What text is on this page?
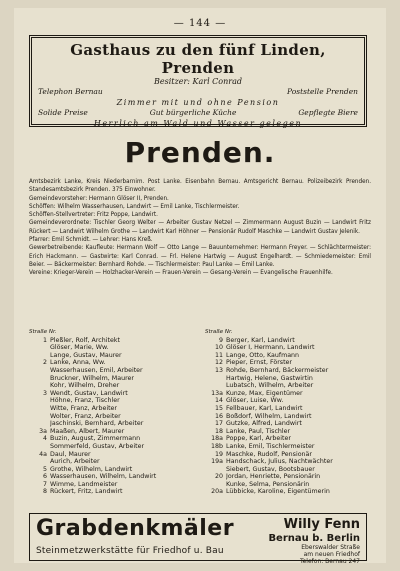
— 144 —
Gasthaus zu den fünf Linden, Prenden
Besitzer: Karl Conrad
Telephon Bernau	Poststelle Prenden
Zimmer mit und ohne Pension
Solide Preise	Gut bürgerliche Küche	Gepflegte Biere
Herrlich am Wald und Wasser gelegen
Prenden.

Amtsbezirk Lanke, Kreis Niederbarnim. Post Lanke. Eisenbahn Bernau. Amtsgericht Bernau. Polizeibezirk Prenden. Standesamtsbezirk Prenden. 375 Einwohner.

Gemeindevorsteher: Hermann Glöser II, Prenden.

Schöffen: Wilhelm Wasserhausen, Landwirt — Emil Lanke, Tischlermeister.

Schöffen-Stellvertreter: Fritz Poppe, Landwirt.

Gemeindeverordnete: Tischler Georg Welter — Arbeiter Gustav Netzel — Zimmermann August Buzin — Landwirt Fritz Rückert — Landwirt Wilhelm Grothe — Landwirt Karl Höhner — Pensionär Rudolf Maschke — Landwirt Gustav Jelenik.

Pfarrer: Emil Schmidt. — Lehrer: Hans Kreß.

Gewerbetreibende: Kaufleute: Hermann Wolf — Otto Lange — Bauunternehmer: Hermann Freyer. — Schlächtermeister: Erich Hackmann. — Gastwirte: Karl Conrad. — Frl. Helene Hartwig — August Engelhardt. — Schmiedemeister: Emil Beier. — Bäckermeister: Bernhard Rohde. — Tischlermeister: Paul Lanke — Emil Lanke.

Vereine: Krieger-Verein — Holzhacker-Verein — Frauen-Verein — Gesang-Verein — Evangelische Frauenhilfe.

Straße Nr.
1 Pleßler, Rolf, Architekt
Glöser, Marie, Ww.
Lange, Gustav, Maurer
2 Lanke, Anna, Ww.
Wasserhausen, Emil, Arbeiter
Bruckner, Wilhelm, Maurer
Kohr, Wilhelm, Dreher
3 Wendt, Gustav, Landwirt
Höhne, Franz, Tischler
Witte, Franz, Arbeiter
Wolter, Franz, Arbeiter
Jaschinski, Bernhard, Arbeiter
3a Maaßen, Albert, Maurer
4 Buzin, August, Zimmermann
Sommerfeld, Gustav, Arbeiter
4a Daul, Maurer
Aurich, Arbeiter
5 Grothe, Wilhelm, Landwirt
6 Wasserhausen, Wilhelm, Landwirt
7 Wimme, Landmeister
8 Rückert, Fritz, Landwirt
Straße Nr.
9 Berger, Karl, Landwirt
10 Glöser I, Hermann, Landwirt
11 Lange, Otto, Kaufmann
12 Pieper, Ernst, Förster
13 Rohde, Bernhard, Bäckermeister
Hartwig, Helene, Gastwirtin
Lubatsch, Wilhelm, Arbeiter
13a Kunze, Max, Eigentümer
14 Glöser, Luise, Ww.
15 Fellbauer, Karl, Landwirt
16 Boßdorf, Wilhelm, Landwirt
17 Gutzke, Alfred, Landwirt
18 Lanke, Paul, Tischler
18a Poppe, Karl, Arbeiter
18b Lanke, Emil, Tischlermeister
19 Maschke, Rudolf, Pensionär
19a Handschack, Julius, Nachtwächter
Siebert, Gustav, Bootsbauer
20 Jordan, Henriette, Pensionärin
Kunke, Selma, Pensionärin
20a Lübbicke, Karoline, Eigentümerin
Grabdenkmäler	Willy Fenn
Bernau b. Berlin
Steinmetzwerkstätte für Friedhof u. Bau	Eberswalder Straße
am neuen Friedhof
Telefon: Bernau 247
